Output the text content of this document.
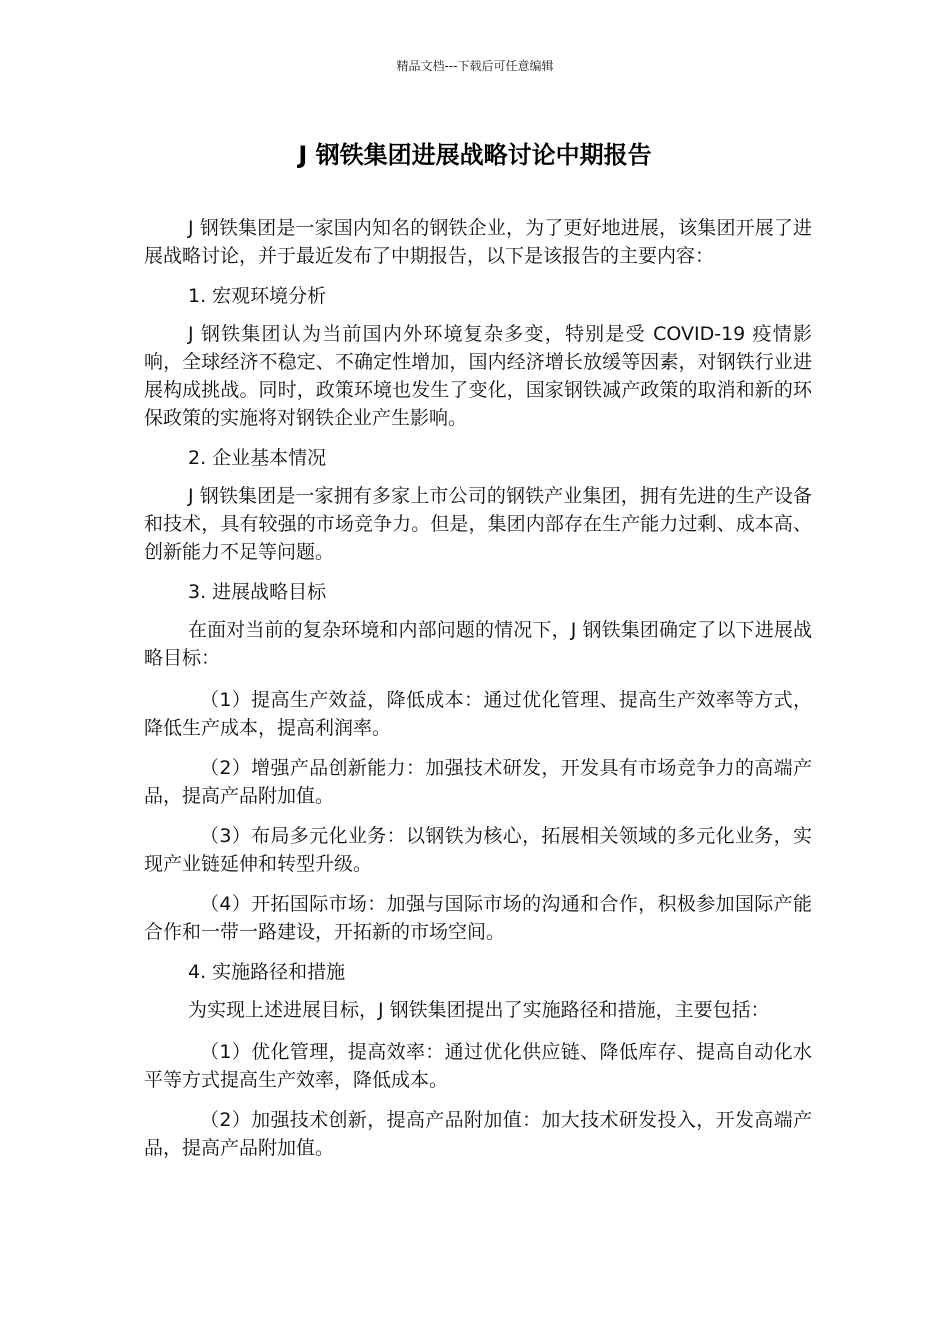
精品文档---下载后可任意编辑
J 钢铁集团进展战略讨论中期报告

J 钢铁集团是一家国内知名的钢铁企业，为了更好地进展，该集团开展了进展战略讨论，并于最近发布了中期报告，以下是该报告的主要内容：

1. 宏观环境分析

J 钢铁集团认为当前国内外环境复杂多变，特别是受 COVID-19 疫情影响，全球经济不稳定、不确定性增加，国内经济增长放缓等因素，对钢铁行业进展构成挑战。同时，政策环境也发生了变化，国家钢铁减产政策的取消和新的环保政策的实施将对钢铁企业产生影响。

2. 企业基本情况

J 钢铁集团是一家拥有多家上市公司的钢铁产业集团，拥有先进的生产设备和技术，具有较强的市场竞争力。但是，集团内部存在生产能力过剩、成本高、创新能力不足等问题。

3. 进展战略目标

在面对当前的复杂环境和内部问题的情况下，J 钢铁集团确定了以下进展战略目标：

（1）提高生产效益，降低成本：通过优化管理、提高生产效率等方式，降低生产成本，提高利润率。

（2）增强产品创新能力：加强技术研发，开发具有市场竞争力的高端产品，提高产品附加值。

（3）布局多元化业务：以钢铁为核心，拓展相关领域的多元化业务，实现产业链延伸和转型升级。

（4）开拓国际市场：加强与国际市场的沟通和合作，积极参加国际产能合作和一带一路建设，开拓新的市场空间。

4. 实施路径和措施

为实现上述进展目标，J 钢铁集团提出了实施路径和措施，主要包括：

（1）优化管理，提高效率：通过优化供应链、降低库存、提高自动化水平等方式提高生产效率，降低成本。

（2）加强技术创新，提高产品附加值：加大技术研发投入，开发高端产品，提高产品附加值。
